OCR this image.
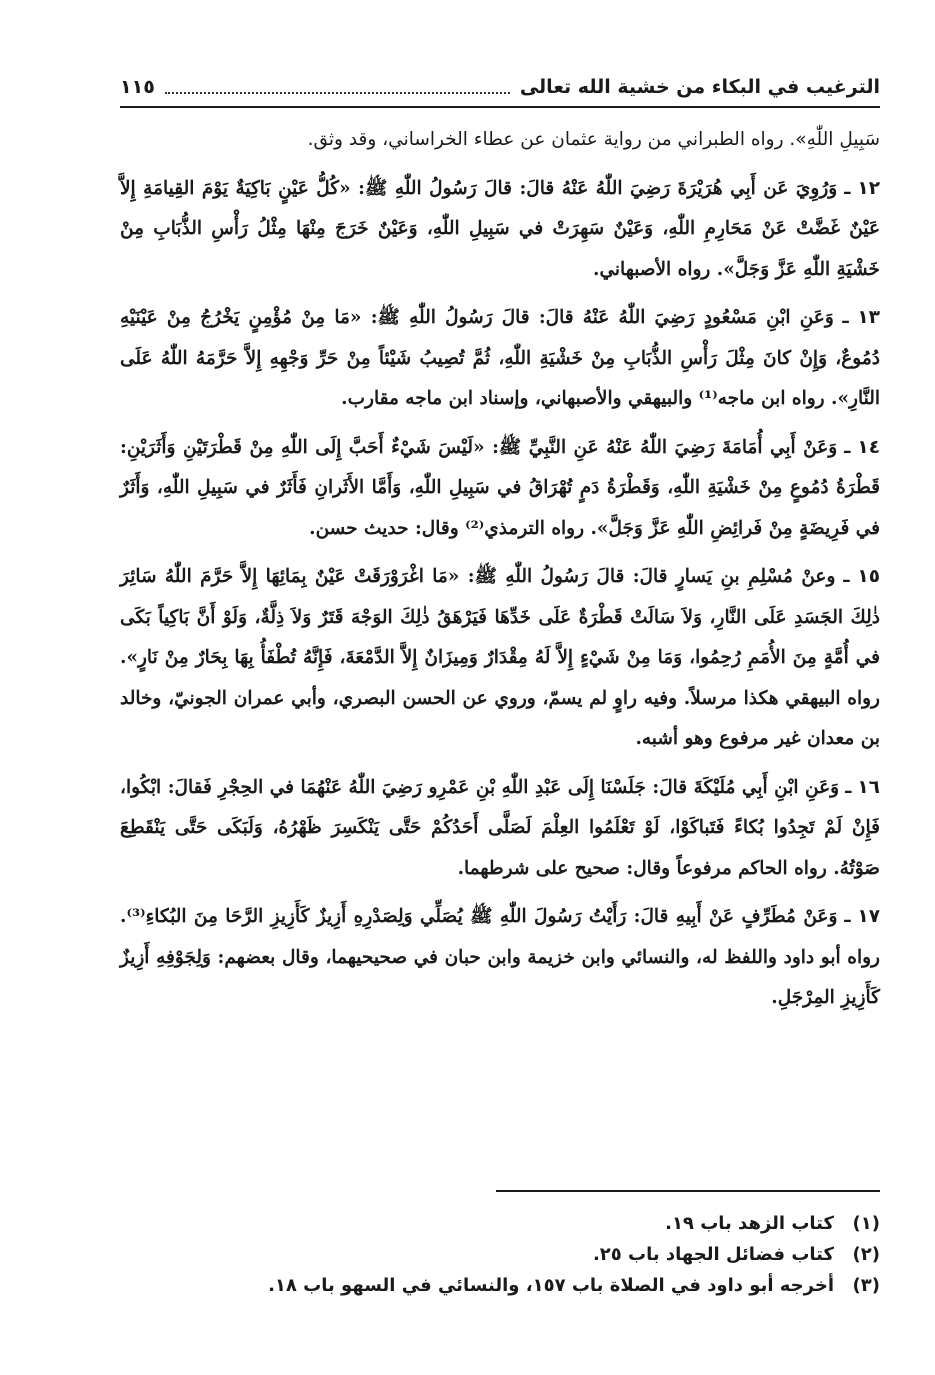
الترغيب في البكاء من خشية الله تعالى
١١٥

سَبِيلِ اللّٰهِ». رواه الطبراني من رواية عثمان عن عطاء الخراساني، وقد وثق.

١٢ ـ وَرُوِيَ عَن أَبِي هُرَيْرَةَ رَضِيَ اللّٰهُ عَنْهُ قالَ: قالَ رَسُولُ اللّٰهِ ﷺ: «كُلُّ عَيْنٍ بَاكِيَةٌ يَوْمَ القِيامَةِ إِلاَّ عَيْنٌ غَضَّتْ عَنْ مَحَارِمِ اللّٰهِ، وَعَيْنٌ سَهِرَتْ في سَبِيلِ اللّٰهِ، وَعَيْنٌ خَرَجَ مِنْهَا مِثْلُ رَأْسِ الذُّبَابِ مِنْ خَشْيَةِ اللّٰهِ عَزَّ وَجَلَّ». رواه الأصبهاني.

١٣ ـ وَعَنِ ابْنِ مَسْعُودٍ رَضِيَ اللّٰهُ عَنْهُ قالَ: قالَ رَسُولُ اللّٰهِ ﷺ: «مَا مِنْ مُؤْمِنٍ يَخْرُجُ مِنْ عَيْنَيْهِ دُمُوعٌ، وَإِنْ كانَ مِثْلَ رَأْسِ الذُّبَابِ مِنْ خَشْيَةِ اللّٰهِ، ثُمَّ تُصِيبُ شَيْئاً مِنْ حَرِّ وَجْهِهِ إِلاَّ حَرَّمَهُ اللّٰهُ عَلَى النَّارِ». رواه ابن ماجه⁽¹⁾ والبيهقي والأصبهاني، وإسناد ابن ماجه مقارب.

١٤ ـ وَعَنْ أَبِي أُمَامَةَ رَضِيَ اللّٰهُ عَنْهُ عَنِ النَّبِيِّ ﷺ: «لَيْسَ شَيْءٌ أَحَبَّ إِلَى اللّٰهِ مِنْ قَطْرَتَيْنِ وَأَثَرَيْنِ: قَطْرَةُ دُمُوعٍ مِنْ خَشْيَةِ اللّٰهِ، وَقَطْرَةُ دَمٍ تُهْرَاقُ في سَبِيلِ اللّٰهِ، وَأَمَّا الأَثَرانِ فَأَثَرٌ في سَبِيلِ اللّٰهِ، وَأَثَرٌ في فَرِيضَةٍ مِنْ فَرائِضِ اللّٰهِ عَزَّ وَجَلَّ». رواه الترمذي⁽²⁾ وقال: حديث حسن.

١٥ ـ وعنْ مُسْلِمِ بنِ يَسارٍ قالَ: قالَ رَسُولُ اللّٰهِ ﷺ: «مَا اغْرَوْرَقَتْ عَيْنٌ بِمَائِهَا إِلاَّ حَرَّمَ اللّٰهُ سَائِرَ ذٰلِكَ الجَسَدِ عَلَى النَّارِ، وَلاَ سَالَتْ قَطْرَةٌ عَلَى خَدِّهَا فَيَرْهَقُ ذٰلِكَ الوَجْهَ قَتَرٌ وَلاَ ذِلَّةٌ، وَلَوْ أَنَّ بَاكِياً بَكَى في أُمَّةٍ مِنَ الأُمَمِ رُحِمُوا، وَمَا مِنْ شَيْءٍ إِلاَّ لَهُ مِقْدَارٌ وَمِيزَانٌ إِلاَّ الدَّمْعَةَ، فَإِنَّهُ تُطْفَأُ بِهَا بِحَارٌ مِنْ نَارٍ». رواه البيهقي هكذا مرسلاً. وفيه راوٍ لم يسمّ، وروي عن الحسن البصري، وأبي عمران الجونيّ، وخالد بن معدان غير مرفوع وهو أشبه.

١٦ ـ وَعَنِ ابْنِ أَبِي مُلَيْكَةَ قالَ: جَلَسْنَا إِلَى عَبْدِ اللّٰهِ بْنِ عَمْرِو رَضِيَ اللّٰهُ عَنْهُمَا في الحِجْرِ فَقالَ: ابْكُوا، فَإِنْ لَمْ تَجِدُوا بُكاءً فَتَباكَوْا، لَوْ تَعْلَمُوا العِلْمَ لَصَلَّى أَحَدُكُمْ حَتَّى يَنْكَسِرَ ظَهْرُهُ، وَلَبَكَى حَتَّى يَنْقَطِعَ صَوْتُهُ. رواه الحاكم مرفوعاً وقال: صحيح على شرطهما.

١٧ ـ وَعَنْ مُطَرِّفٍ عَنْ أَبِيهِ قالَ: رَأَيْتُ رَسُولَ اللّٰهِ ﷺ يُصَلِّي وَلِصَدْرِهِ أَزِيزٌ كَأَزِيزِ الرَّحَا مِنَ البُكاءِ⁽³⁾. رواه أبو داود واللفظ له، والنسائي وابن خزيمة وابن حبان في صحيحيهما، وقال بعضهم: وَلِجَوْفِهِ أَزِيزٌ كَأَزِيزِ المِرْجَلِ.

(١)كتاب الزهد باب ١٩.
(٢)كتاب فضائل الجهاد باب ٢٥.
(٣)أخرجه أبو داود في الصلاة باب ١٥٧، والنسائي في السهو باب ١٨.
